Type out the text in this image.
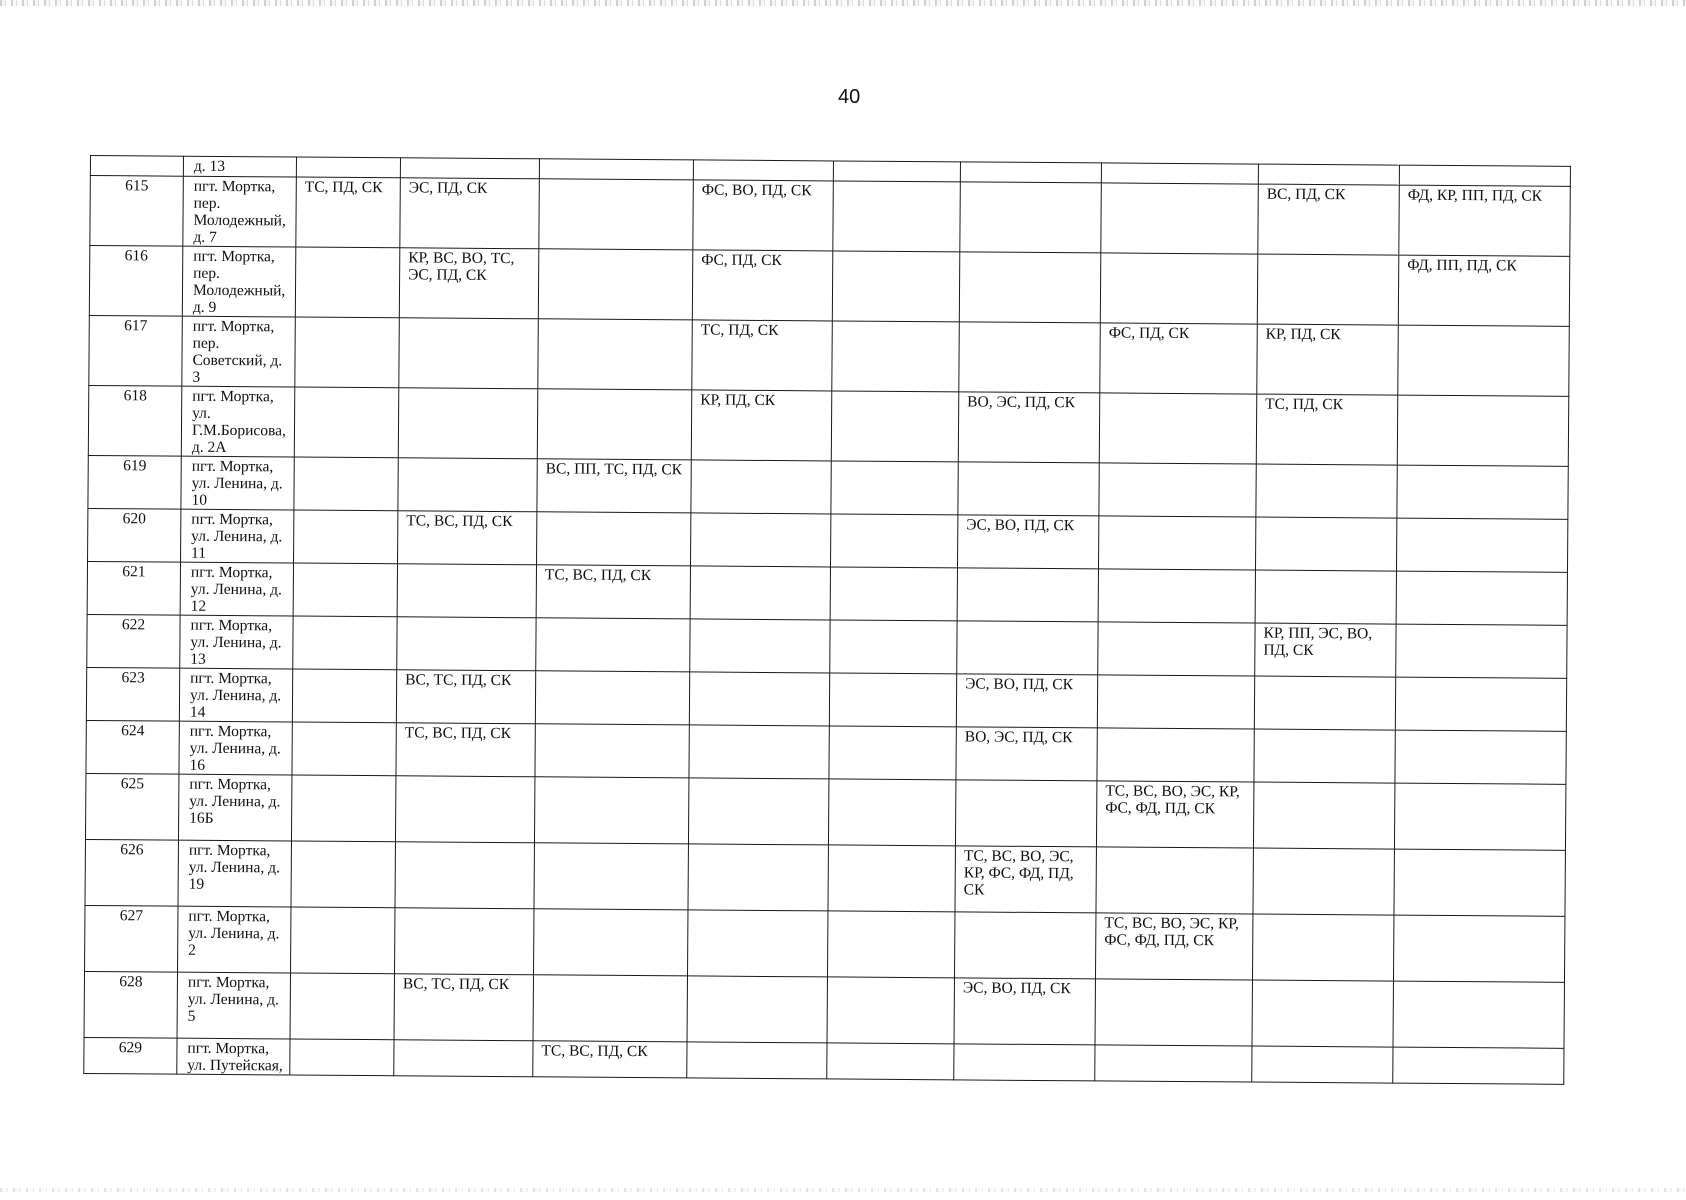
40
	д. 13									
615	пгт. Мортка, пер. Молодежный, д. 7	ТС, ПД, СК	ЭС, ПД, СК		ФС, ВО, ПД, СК				ВС, ПД, СК	ФД, КР, ПП, ПД, СК
616	пгт. Мортка, пер. Молодежный, д. 9		КР, ВС, ВО, ТС, ЭС, ПД, СК		ФС, ПД, СК					ФД, ПП, ПД, СК
617	пгт. Мортка, пер. Советский, д. 3				ТС, ПД, СК			ФС, ПД, СК	КР, ПД, СК	
618	пгт. Мортка, ул. Г.М.Борисова, д. 2А				КР, ПД, СК		ВО, ЭС, ПД, СК		ТС, ПД, СК	
619	пгт. Мортка, ул. Ленина, д. 10			ВС, ПП, ТС, ПД, СК						
620	пгт. Мортка, ул. Ленина, д. 11		ТС, ВС, ПД, СК				ЭС, ВО, ПД, СК			
621	пгт. Мортка, ул. Ленина, д. 12			ТС, ВС, ПД, СК						
622	пгт. Мортка, ул. Ленина, д. 13								КР, ПП, ЭС, ВО, ПД, СК	
623	пгт. Мортка, ул. Ленина, д. 14		ВС, ТС, ПД, СК				ЭС, ВО, ПД, СК			
624	пгт. Мортка, ул. Ленина, д. 16		ТС, ВС, ПД, СК				ВО, ЭС, ПД, СК			
625	пгт. Мортка, ул. Ленина, д. 16Б							ТС, ВС, ВО, ЭС, КР, ФС, ФД, ПД, СК		
626	пгт. Мортка, ул. Ленина, д. 19						ТС, ВС, ВО, ЭС, КР, ФС, ФД, ПД, СК			
627	пгт. Мортка, ул. Ленина, д. 2							ТС, ВС, ВО, ЭС, КР, ФС, ФД, ПД, СК		
628	пгт. Мортка, ул. Ленина, д. 5		ВС, ТС, ПД, СК				ЭС, ВО, ПД, СК			
629	пгт. Мортка, ул. Путейская,			ТС, ВС, ПД, СК						
